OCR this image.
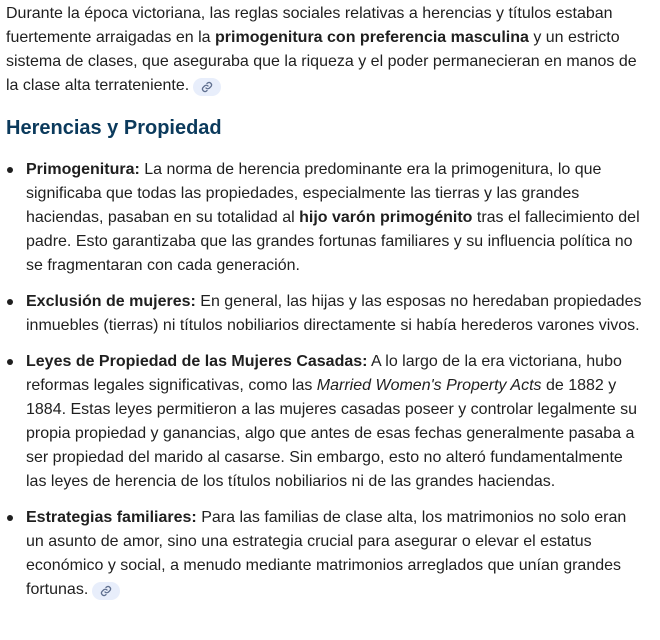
Durante la época victoriana, las reglas sociales relativas a herencias y títulos estaban fuertemente arraigadas en la primogenitura con preferencia masculina y un estricto sistema de clases, que aseguraba que la riqueza y el poder permanecieran en manos de la clase alta terrateniente.

Herencias y Propiedad
Primogenitura: La norma de herencia predominante era la primogenitura, lo que significaba que todas las propiedades, especialmente las tierras y las grandes haciendas, pasaban en su totalidad al hijo varón primogénito tras el fallecimiento del padre. Esto garantizaba que las grandes fortunas familiares y su influencia política no se fragmentaran con cada generación.
Exclusión de mujeres: En general, las hijas y las esposas no heredaban propiedades inmuebles (tierras) ni títulos nobiliarios directamente si había herederos varones vivos.
Leyes de Propiedad de las Mujeres Casadas: A lo largo de la era victoriana, hubo reformas legales significativas, como las Married Women's Property Acts de 1882 y 1884. Estas leyes permitieron a las mujeres casadas poseer y controlar legalmente su propia propiedad y ganancias, algo que antes de esas fechas generalmente pasaba a ser propiedad del marido al casarse. Sin embargo, esto no alteró fundamentalmente las leyes de herencia de los títulos nobiliarios ni de las grandes haciendas.
Estrategias familiares: Para las familias de clase alta, los matrimonios no solo eran un asunto de amor, sino una estrategia crucial para asegurar o elevar el estatus económico y social, a menudo mediante matrimonios arreglados que unían grandes fortunas.
